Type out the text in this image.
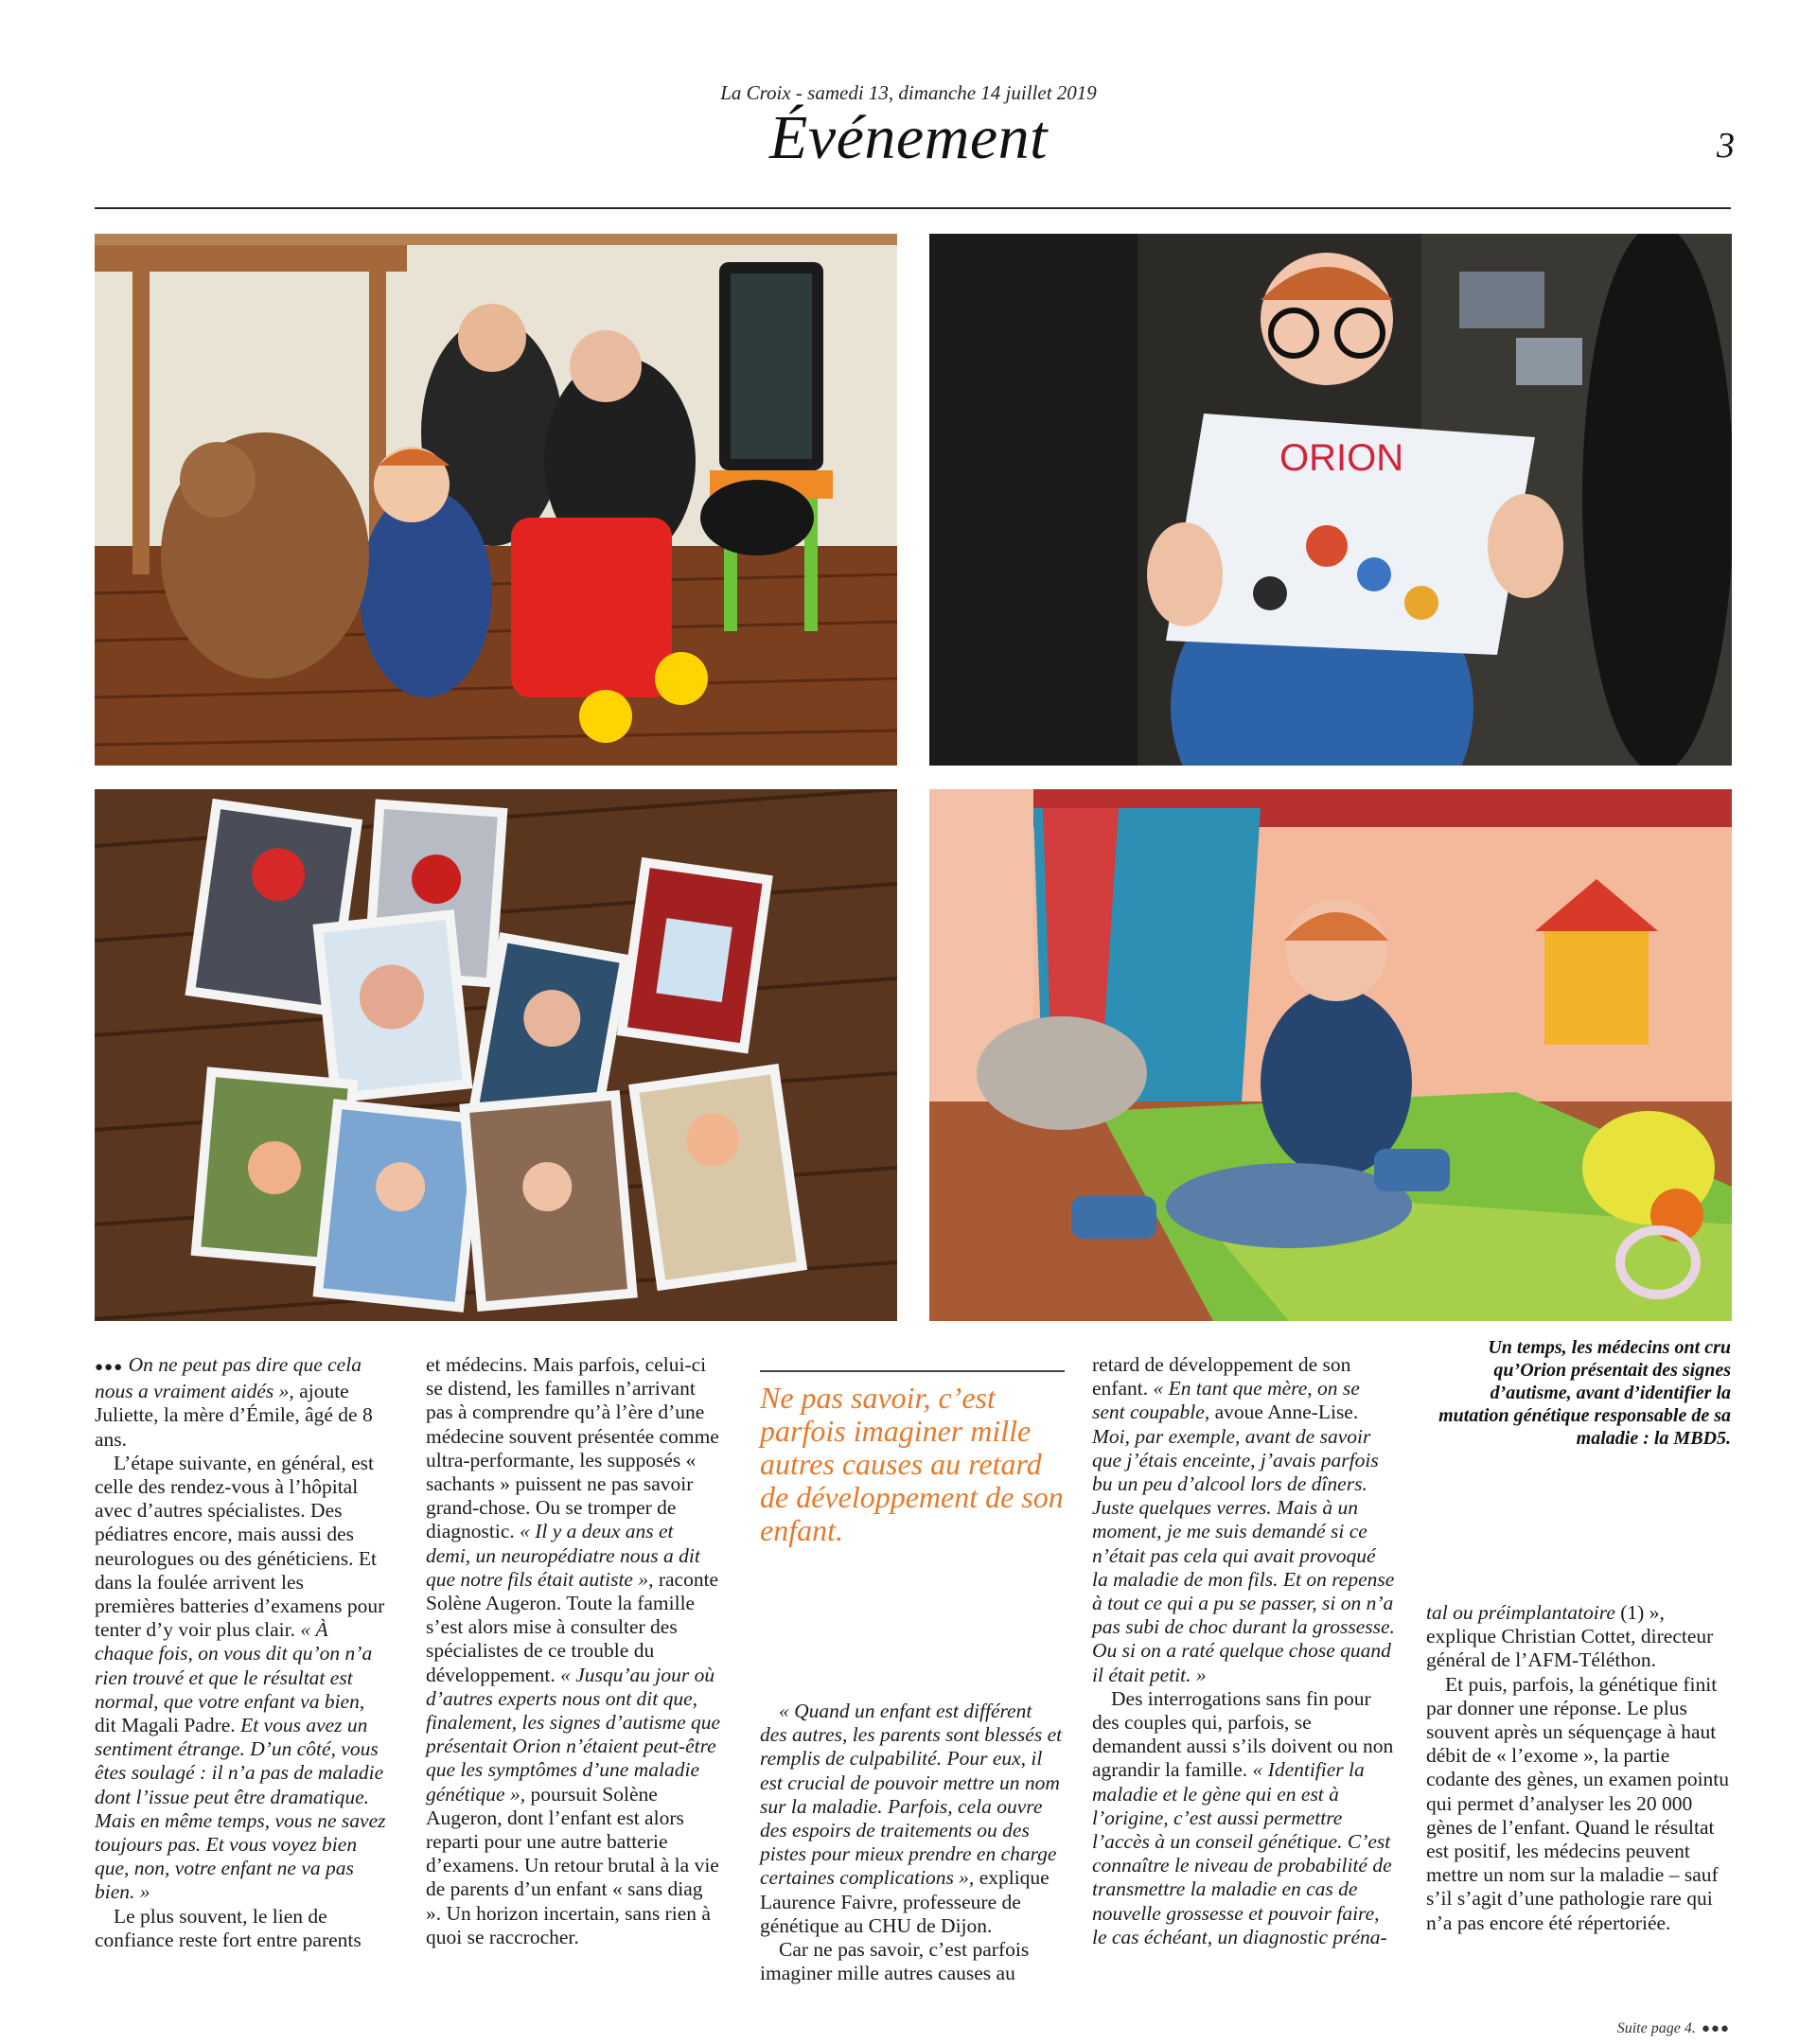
La Croix - samedi 13, dimanche 14 juillet 2019
Événement	3
ORION

●●● On ne peut pas dire que cela nous a vraiment aidés », ajoute Juliette, la mère d’Émile, âgé de 8 ans.

L’étape suivante, en général, est celle des rendez-vous à l’hôpital avec d’autres spécialistes. Des pédiatres encore, mais aussi des neurologues ou des généticiens. Et dans la foulée arrivent les premières batteries d’examens pour tenter d’y voir plus clair. « À chaque fois, on vous dit qu’on n’a rien trouvé et que le résultat est normal, que votre enfant va bien, dit Magali Padre. Et vous avez un sentiment étrange. D’un côté, vous êtes soulagé : il n’a pas de maladie dont l’issue peut être dramatique. Mais en même temps, vous ne savez toujours pas. Et vous voyez bien que, non, votre enfant ne va pas bien. »

Le plus souvent, le lien de confiance reste fort entre parents

et médecins. Mais parfois, celui-ci se distend, les familles n’arrivant pas à comprendre qu’à l’ère d’une médecine souvent présentée comme ultra-performante, les supposés « sachants » puissent ne pas savoir grand-chose. Ou se tromper de diagnostic. « Il y a deux ans et demi, un neuropédiatre nous a dit que notre fils était autiste », raconte Solène Augeron. Toute la famille s’est alors mise à consulter des spécialistes de ce trouble du développement. « Jusqu’au jour où d’autres experts nous ont dit que, finalement, les signes d’autisme que présentait Orion n’étaient peut-être que les symptômes d’une maladie génétique », poursuit Solène Augeron, dont l’enfant est alors reparti pour une autre batterie d’examens. Un retour brutal à la vie de parents d’un enfant « sans diag ». Un horizon incertain, sans rien à quoi se raccrocher.

Ne pas savoir, c’est parfois imaginer mille autres causes au retard de développement de son enfant.

« Quand un enfant est différent des autres, les parents sont blessés et remplis de culpabilité. Pour eux, il est crucial de pouvoir mettre un nom sur la maladie. Parfois, cela ouvre des espoirs de traitements ou des pistes pour mieux prendre en charge certaines complications », explique Laurence Faivre, professeure de génétique au CHU de Dijon.

Car ne pas savoir, c’est parfois imaginer mille autres causes au

retard de développement de son enfant. « En tant que mère, on se sent coupable, avoue Anne-Lise. Moi, par exemple, avant de savoir que j’étais enceinte, j’avais parfois bu un peu d’alcool lors de dîners. Juste quelques verres. Mais à un moment, je me suis demandé si ce n’était pas cela qui avait provoqué la maladie de mon fils. Et on repense à tout ce qui a pu se passer, si on n’a pas subi de choc durant la grossesse. Ou si on a raté quelque chose quand il était petit. »

Des interrogations sans fin pour des couples qui, parfois, se demandent aussi s’ils doivent ou non agrandir la famille. « Identifier la maladie et le gène qui en est à l’origine, c’est aussi permettre l’accès à un conseil génétique. C’est connaître le niveau de probabilité de transmettre la maladie en cas de nouvelle grossesse et pouvoir faire, le cas échéant, un diagnostic préna-

Un temps, les médecins ont cru qu’Orion présentait des signes d’autisme, avant d’identifier la mutation génétique responsable de sa maladie : la MBD5.

tal ou préimplantatoire (1) », explique Christian Cottet, directeur général de l’AFM-Téléthon.

Et puis, parfois, la génétique finit par donner une réponse. Le plus souvent après un séquençage à haut débit de « l’exome », la partie codante des gènes, un examen pointu qui permet d’analyser les 20 000 gènes de l’enfant. Quand le résultat est positif, les médecins peuvent mettre un nom sur la maladie – sauf s’il s’agit d’une pathologie rare qui n’a pas encore été répertoriée.

Suite page 4. ●●●
